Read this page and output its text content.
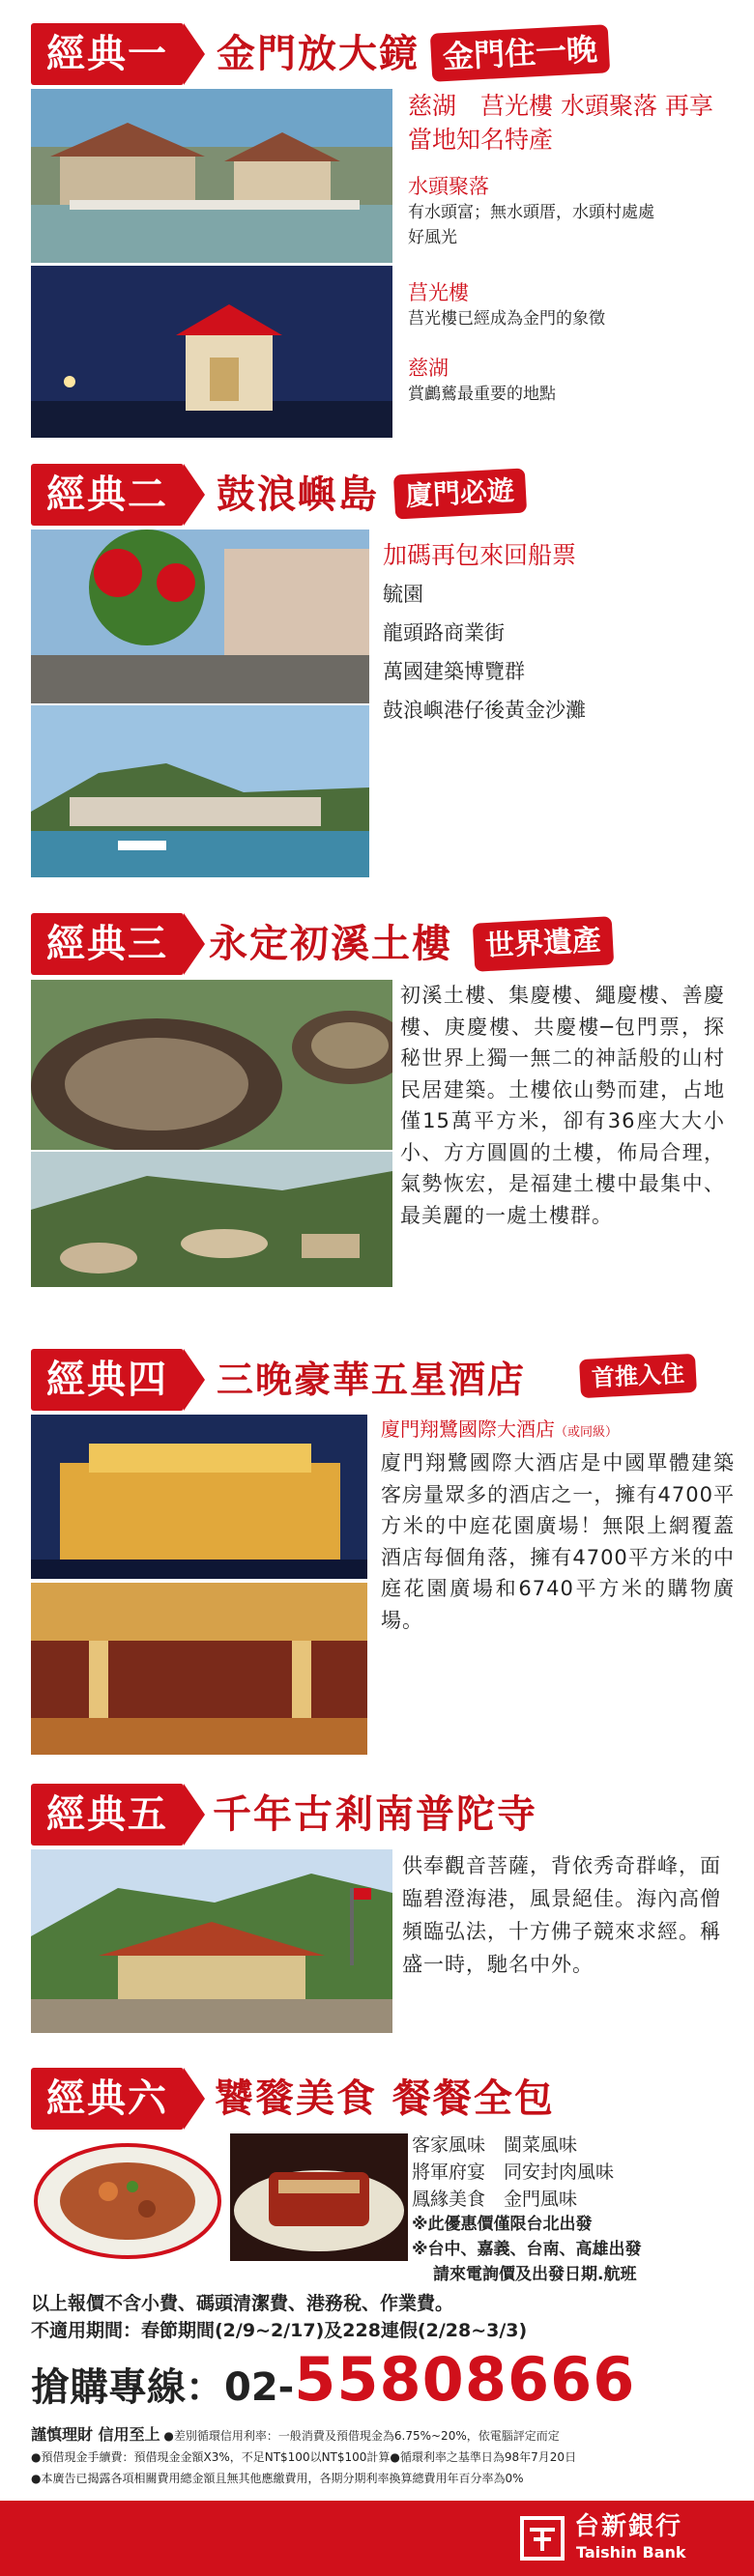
經典一 金門放大鏡 金門住一晚
慈湖　莒光樓 水頭聚落 再享當地知名特產
水頭聚落
有水頭富；無水頭厝，水頭村處處好風光
莒光樓
莒光樓已經成為金門的象徵
慈湖
賞鸕鶿最重要的地點
經典二 鼓浪嶼島 廈門必遊
加碼再包來回船票
毓園
龍頭路商業街
萬國建築博覽群
鼓浪嶼港仔後黃金沙灘
經典三 永定初溪土樓	世界遺產
初溪土樓、集慶樓、繩慶樓、善慶樓、庚慶樓、共慶樓─包門票，探秘世界上獨一無二的神話般的山村民居建築。土樓依山勢而建，占地僅15萬平方米，卻有36座大大小小、方方圓圓的土樓，佈局合理，氣勢恢宏，是福建土樓中最集中、最美麗的一處土樓群。
經典四 三晚豪華五星酒店	首推入住
廈門翔鷺國際大酒店（或同級）
廈門翔鷺國際大酒店是中國單體建築客房量眾多的酒店之一，擁有4700平方米的中庭花園廣場！無限上網覆蓋酒店每個角落，擁有4700平方米的中庭花園廣場和6740平方米的購物廣場。
經典五 千年古剎南普陀寺
供奉觀音菩薩，背依秀奇群峰，面臨碧澄海港，風景絕佳。海內高僧頻臨弘法，十方佛子競來求經。稱盛一時，馳名中外。
經典六 饕餮美食 餐餐全包
客家風味　閩菜風味
將軍府宴　同安封肉風味
鳳緣美食　金門風味
※此優惠價僅限台北出發
※台中、嘉義、台南、高雄出發
請來電詢價及出發日期.航班
以上報價不含小費、碼頭清潔費、港務稅、作業費。
不適用期間：春節期間(2/9~2/17)及228連假(2/28~3/3)
搶購專線：02-55808666
謹慎理財 信用至上 ●差別循環信用利率：一般消費及預借現金為6.75%~20%，依電腦評定而定
●預借現金手續費：預借現金金額X3%，不足NT$100以NT$100計算●循環利率之基準日為98年7月20日
●本廣告已揭露各項相關費用總金額且無其他應繳費用，各期分期利率換算總費用年百分率為0%
台新銀行
Taishin Bank
